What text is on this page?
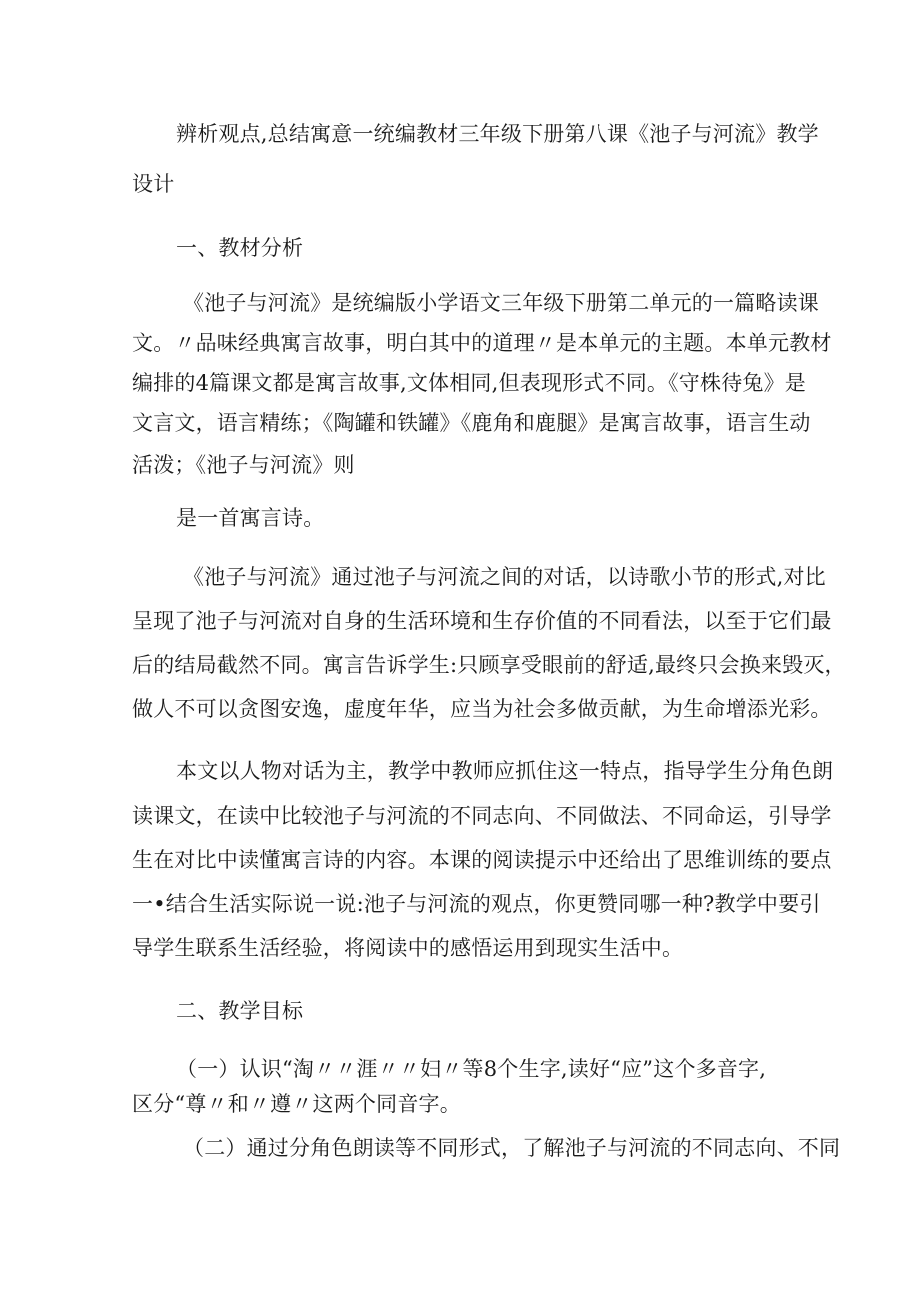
辨析观点,总结寓意一统编教材三年级下册第八课《池子与河流》教学
设计
一、教材分析
《池子与河流》是统编版小学语文三年级下册第二单元的一篇略读课
文。〃品味经典寓言故事，明白其中的道理〃是本单元的主题。本单元教材
编排的4篇课文都是寓言故事,文体相同,但表现形式不同。《守株待兔》是
文言文，语言精练；《陶罐和铁罐》《鹿角和鹿腿》是寓言故事，语言生动
活泼；《池子与河流》则
是一首寓言诗。
《池子与河流》通过池子与河流之间的对话，以诗歌小节的形式,对比
呈现了池子与河流对自身的生活环境和生存价值的不同看法，以至于它们最
后的结局截然不同。寓言告诉学生:只顾享受眼前的舒适,最终只会换来毁灭，
做人不可以贪图安逸，虚度年华，应当为社会多做贡献，为生命增添光彩。
本文以人物对话为主，教学中教师应抓住这一特点，指导学生分角色朗
读课文，在读中比较池子与河流的不同志向、不同做法、不同命运，引导学
生在对比中读懂寓言诗的内容。本课的阅读提示中还给出了思维训练的要点
一•结合生活实际说一说:池子与河流的观点，你更赞同哪一种?教学中要引
导学生联系生活经验，将阅读中的感悟运用到现实生活中。
二、教学目标
（一）认识“淘〃〃涯〃〃妇〃等8个生字,读好“应”这个多音字,
区分“尊〃和〃遵〃这两个同音字。
（二）通过分角色朗读等不同形式，了解池子与河流的不同志向、不同
